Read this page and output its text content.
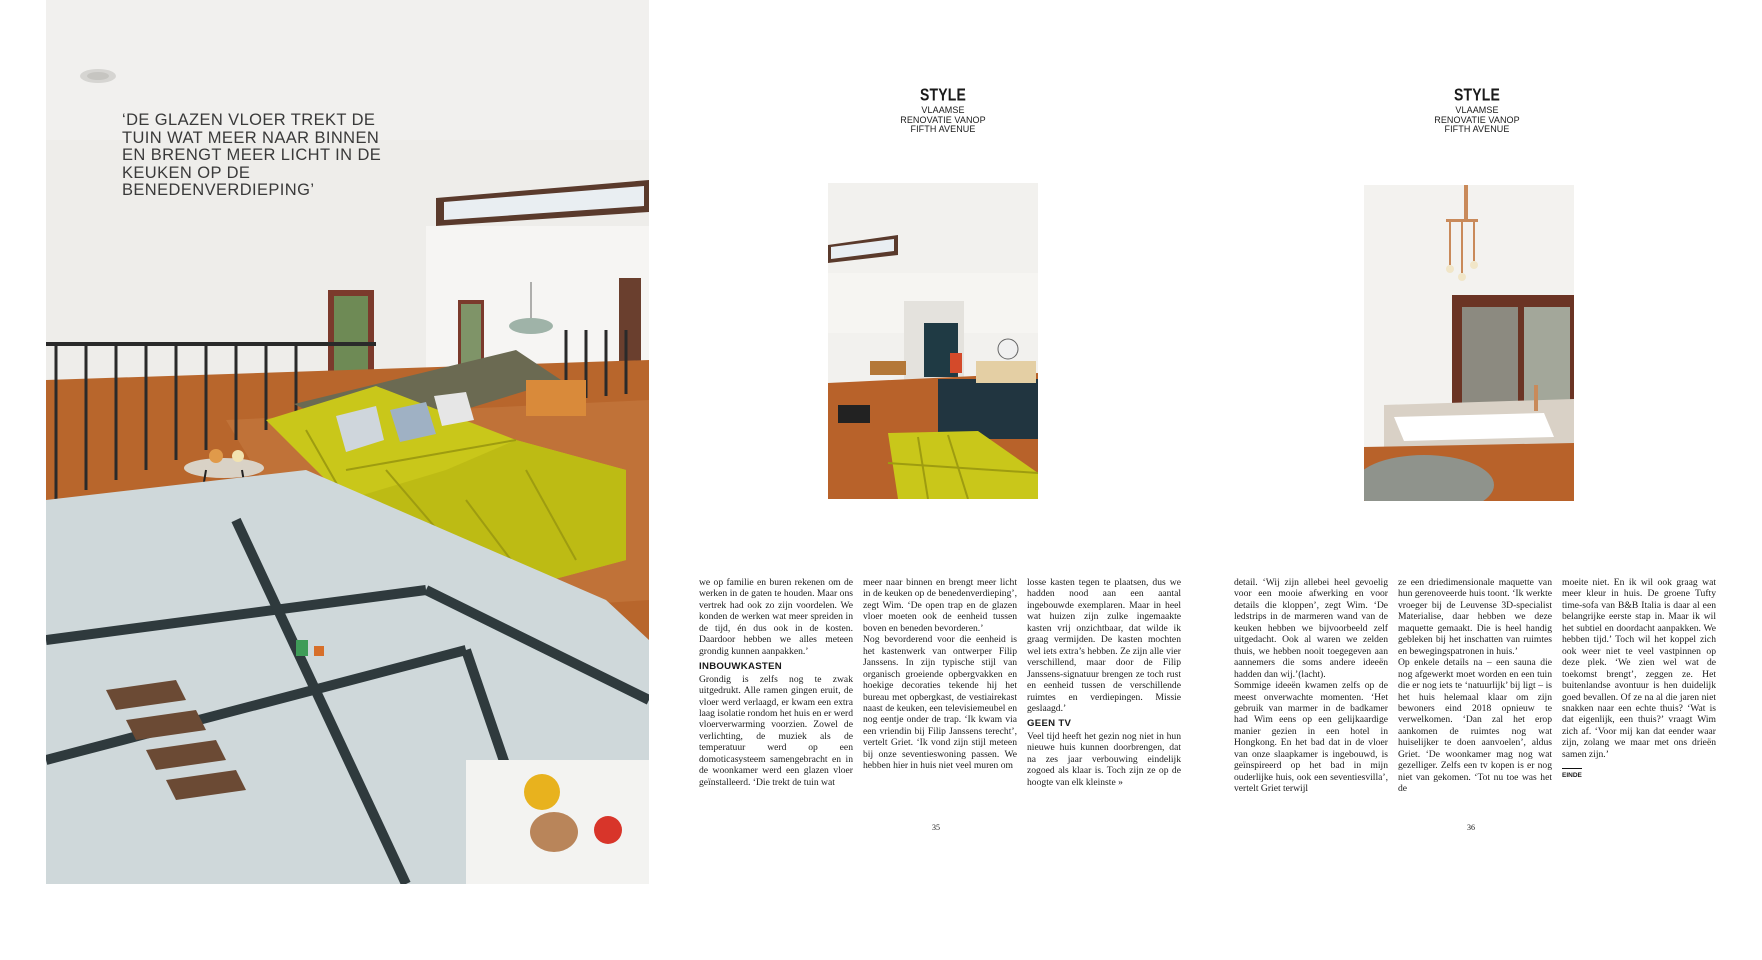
‘DE GLAZEN VLOER TREKT DE TUIN WAT MEER NAAR BINNEN EN BRENGT MEER LICHT IN DE KEUKEN OP DE BENEDENVERDIEPING’
STYLE
VLAAMSE RENOVATIE VANOP FIFTH AVENUE

we op familie en buren rekenen om de werken in de gaten te houden. Maar ons vertrek had ook zo zijn voordelen. We konden de werken wat meer spreiden in de tijd, én dus ook in de kosten. Daardoor hebben we alles meteen grondig kunnen aanpakken.’

INBOUWKASTEN

Grondig is zelfs nog te zwak uitgedrukt. Alle ramen gingen eruit, de vloer werd verlaagd, er kwam een extra laag isolatie rondom het huis en er werd vloerverwarming voorzien. Zowel de verlichting, de muziek als de temperatuur werd op een domoticasysteem samengebracht en in de woonkamer werd een glazen vloer geïnstalleerd. ‘Die trekt de tuin wat

meer naar binnen en brengt meer licht in de keuken op de benedenverdieping’, zegt Wim. ‘De open trap en de glazen vloer moeten ook de eenheid tussen boven en beneden bevorderen.’

Nog bevorderend voor die eenheid is het kastenwerk van ontwerper Filip Janssens. In zijn typische stijl van organisch groeiende opbergvakken en hoekige decoraties tekende hij het bureau met opbergkast, de vestiairekast naast de keuken, een televisiemeubel en nog eentje onder de trap. ‘Ik kwam via een vriendin bij Filip Janssens terecht’, vertelt Griet. ‘Ik vond zijn stijl meteen bij onze seventieswoning passen. We hebben hier in huis niet veel muren om

losse kasten tegen te plaatsen, dus we hadden nood aan een aantal ingebouwde exemplaren. Maar in heel wat huizen zijn zulke ingemaakte kasten vrij onzichtbaar, dat wilde ik graag vermijden. De kasten mochten wel iets extra’s hebben. Ze zijn alle vier verschillend, maar door de Filip Janssens-signatuur brengen ze toch rust en eenheid tussen de verschillende ruimtes en verdiepingen. Missie geslaagd.’

GEEN TV

Veel tijd heeft het gezin nog niet in hun nieuwe huis kunnen doorbrengen, dat na zes jaar verbouwing eindelijk zogoed als klaar is. Toch zijn ze op de hoogte van elk kleinste »

35
STYLE
VLAAMSE RENOVATIE VANOP FIFTH AVENUE

detail. ‘Wij zijn allebei heel gevoelig voor een mooie afwerking en voor details die kloppen’, zegt Wim. ‘De ledstrips in de marmeren wand van de keuken hebben we bijvoorbeeld zelf uitgedacht. Ook al waren we zelden thuis, we hebben nooit toegegeven aan aannemers die soms andere ideeën hadden dan wij.’(lacht).

Sommige ideeën kwamen zelfs op de meest onverwachte momenten. ‘Het gebruik van marmer in de badkamer had Wim eens op een gelijkaardige manier gezien in een hotel in Hongkong. En het bad dat in de vloer van onze slaapkamer is ingebouwd, is geïnspireerd op het bad in mijn ouderlijke huis, ook een seventiesvilla’, vertelt Griet terwijl

ze een driedimensionale maquette van hun gerenoveerde huis toont. ‘Ik werkte vroeger bij de Leuvense 3D-specialist Materialise, daar hebben we deze maquette gemaakt. Die is heel handig gebleken bij het inschatten van ruimtes en bewegingspatronen in huis.’

Op enkele details na – een sauna die nog afgewerkt moet worden en een tuin die er nog iets te ‘natuurlijk’ bij ligt – is het huis helemaal klaar om zijn bewoners eind 2018 opnieuw te verwelkomen. ‘Dan zal het erop aankomen de ruimtes nog wat huiselijker te doen aanvoelen’, aldus Griet. ‘De woonkamer mag nog wat gezelliger. Zelfs een tv kopen is er nog niet van gekomen. ‘Tot nu toe was het de

moeite niet. En ik wil ook graag wat meer kleur in huis. De groene Tufty time-sofa van B&B Italia is daar al een belangrijke eerste stap in. Maar ik wil het subtiel en doordacht aanpakken. We hebben tijd.’ Toch wil het koppel zich ook weer niet te veel vastpinnen op deze plek. ‘We zien wel wat de toekomst brengt’, zeggen ze. Het buitenlandse avontuur is hen duidelijk goed bevallen. Of ze na al die jaren niet snakken naar een echte thuis? ‘Wat is dat eigenlijk, een thuis?’ vraagt Wim zich af. ‘Voor mij kan dat eender waar zijn, zolang we maar met ons drieën samen zijn.’

EINDE
36
